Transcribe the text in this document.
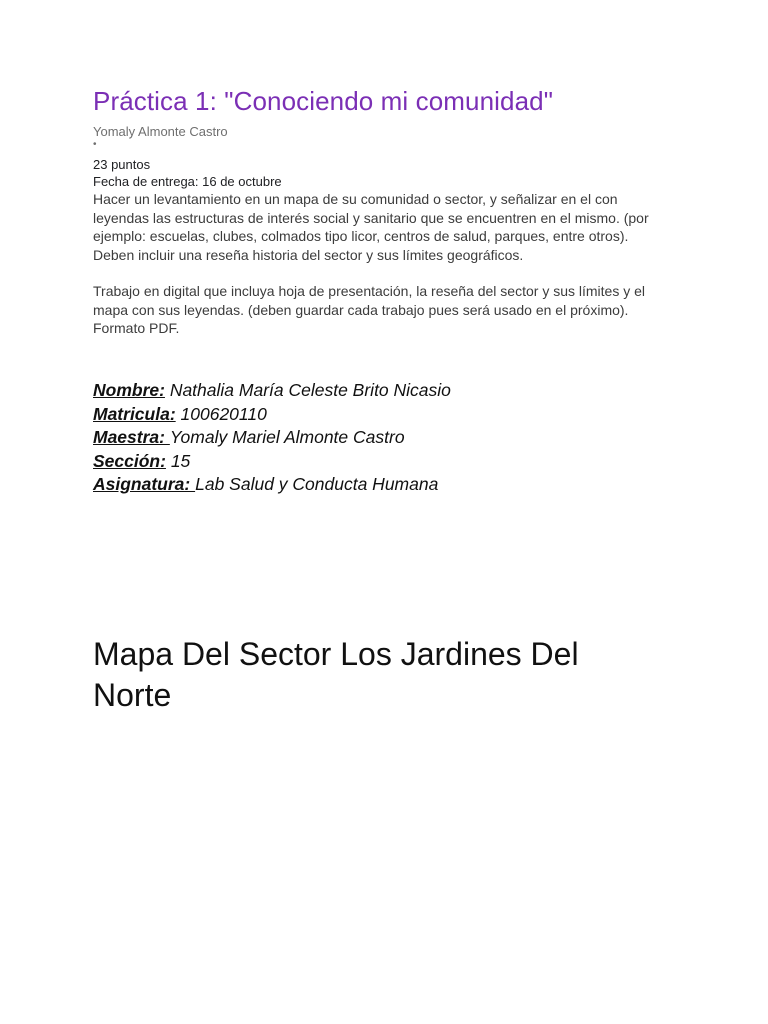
Práctica 1: "Conociendo mi comunidad"
Yomaly Almonte Castro
•
23 puntos
Fecha de entrega: 16 de octubre

Hacer un levantamiento en un mapa de su comunidad o sector, y señalizar en el con leyendas las estructuras de interés social y sanitario que se encuentren en el mismo. (por ejemplo: escuelas, clubes, colmados tipo licor, centros de salud, parques, entre otros). Deben incluir una reseña historia del sector y sus límites geográficos.

Trabajo en digital que incluya hoja de presentación, la reseña del sector y sus límites y el mapa con sus leyendas. (deben guardar cada trabajo pues será usado en el próximo). Formato PDF.

Nombre: Nathalia María Celeste Brito Nicasio
Matricula: 100620110
Maestra: Yomaly Mariel Almonte Castro
Sección: 15
Asignatura: Lab Salud y Conducta Humana
Mapa Del Sector Los Jardines Del Norte
